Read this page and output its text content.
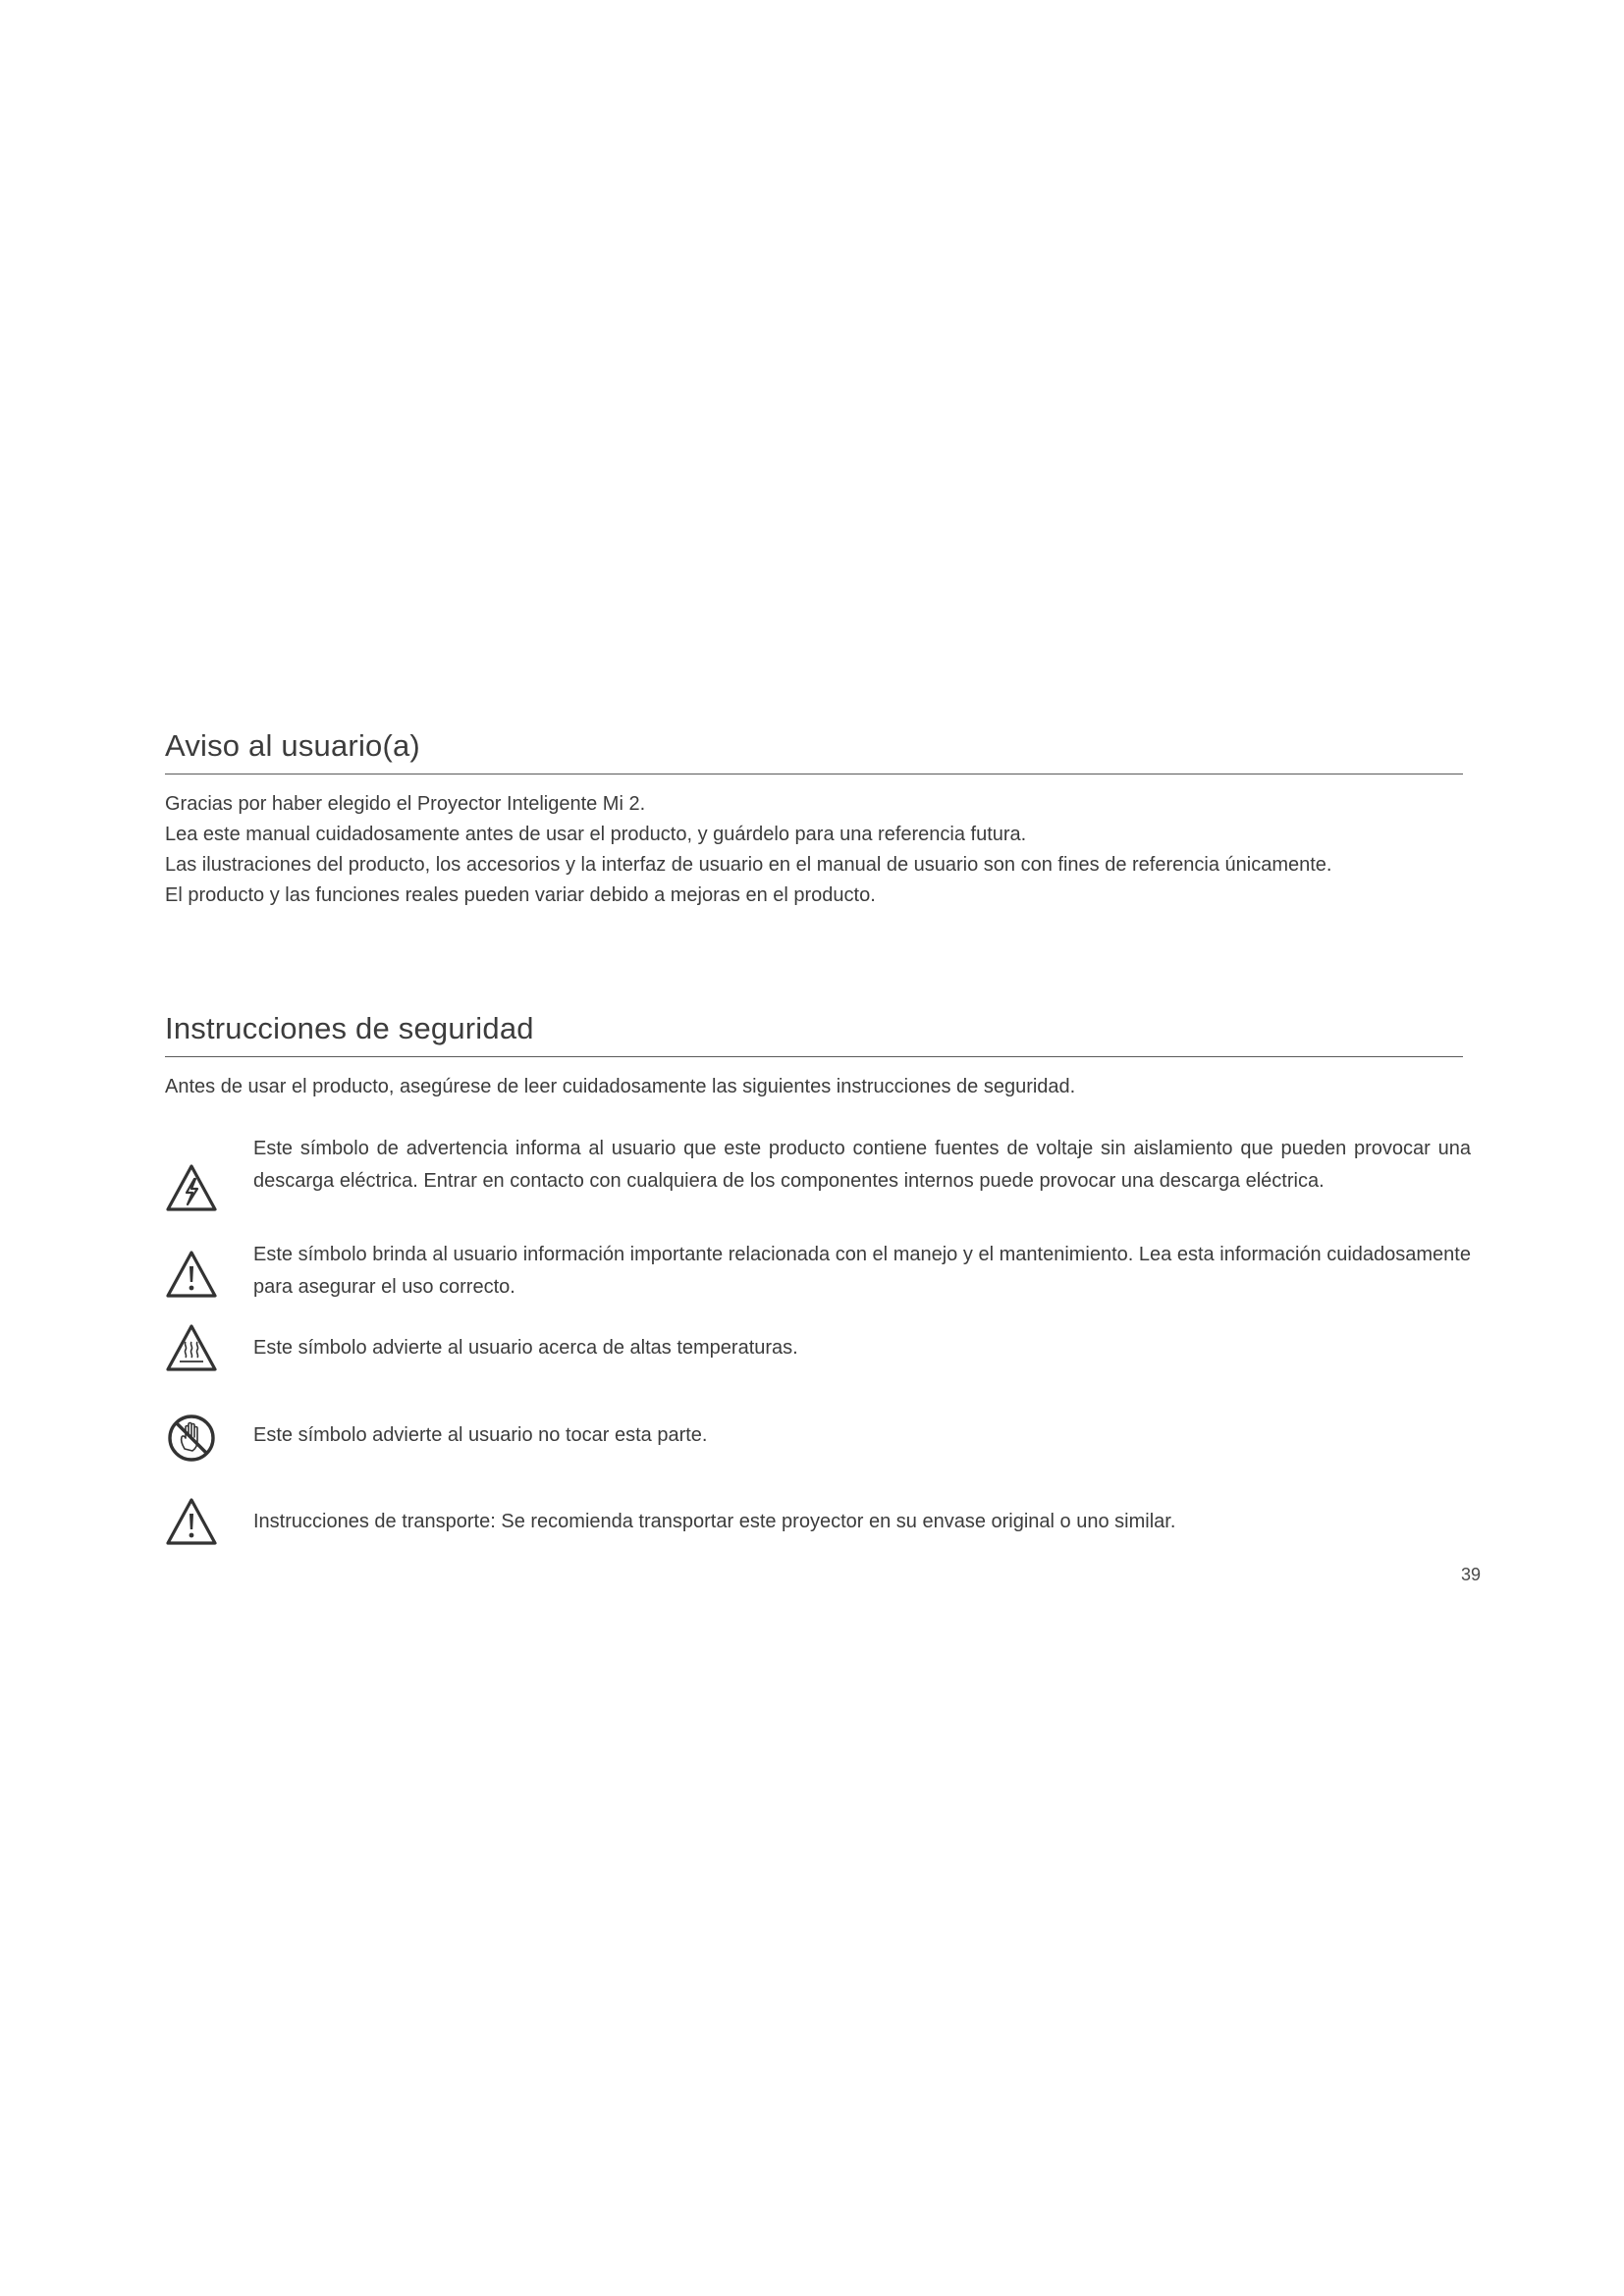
Aviso al usuario(a)

Gracias por haber elegido el Proyector Inteligente Mi 2.

Lea este manual cuidadosamente antes de usar el producto, y guárdelo para una referencia futura.

Las ilustraciones del producto, los accesorios y la interfaz de usuario en el manual de usuario son con fines de referencia únicamente.

El producto y las funciones reales pueden variar debido a mejoras en el producto.

Instrucciones de seguridad

Antes de usar el producto, asegúrese de leer cuidadosamente las siguientes instrucciones de seguridad.

Este símbolo de advertencia informa al usuario que este producto contiene fuentes de voltaje sin aislamiento que pueden provocar una descarga eléctrica. Entrar en contacto con cualquiera de los componentes internos puede provocar una descarga eléctrica.
Este símbolo brinda al usuario información importante relacionada con el manejo y el mantenimiento. Lea esta información cuidadosamente para asegurar el uso correcto.
Este símbolo advierte al usuario acerca de altas temperaturas.
Este símbolo advierte al usuario no tocar esta parte.
Instrucciones de transporte: Se recomienda transportar este proyector en su envase original o uno similar.
39
